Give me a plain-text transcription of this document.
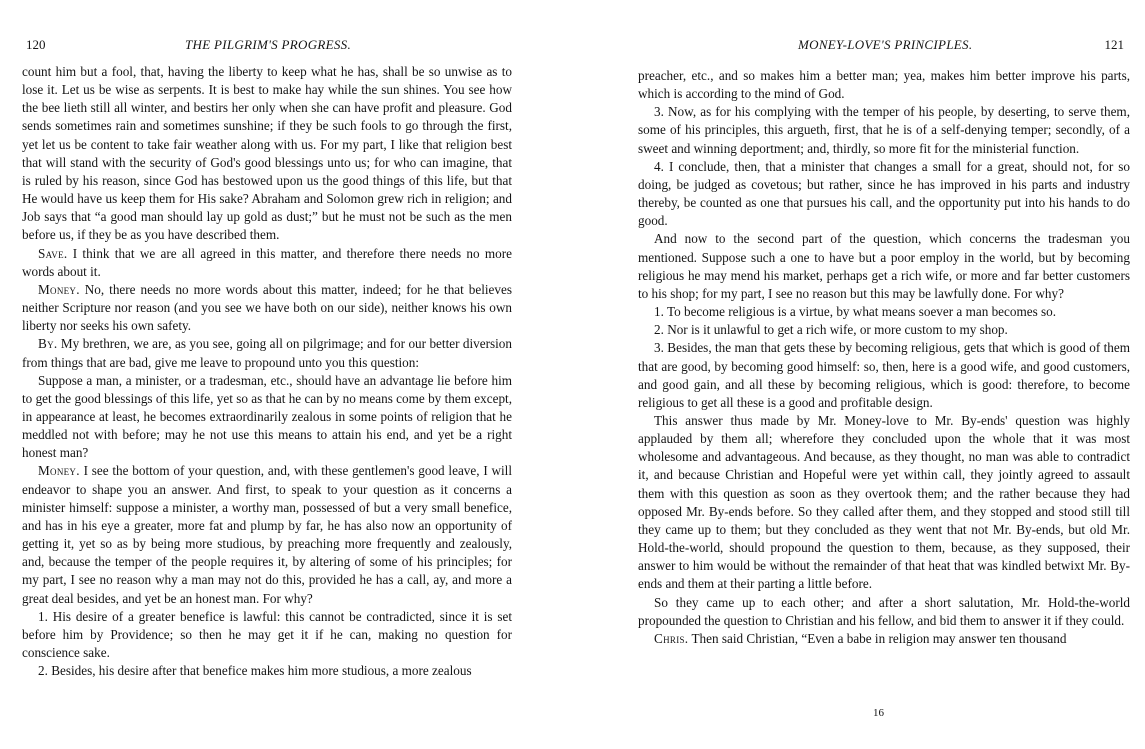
120	THE PILGRIM'S PROGRESS.

count him but a fool, that, having the liberty to keep what he has, shall be so unwise as to lose it. Let us be wise as serpents. It is best to make hay while the sun shines. You see how the bee lieth still all winter, and bestirs her only when she can have profit and pleasure. God sends sometimes rain and sometimes sunshine; if they be such fools to go through the first, yet let us be content to take fair weather along with us. For my part, I like that religion best that will stand with the security of God's good blessings unto us; for who can imagine, that is ruled by his reason, since God has bestowed upon us the good things of this life, but that He would have us keep them for His sake? Abraham and Solomon grew rich in religion; and Job says that “a good man should lay up gold as dust;” but he must not be such as the men before us, if they be as you have described them.

Save. I think that we are all agreed in this matter, and therefore there needs no more words about it.

Money. No, there needs no more words about this matter, indeed; for he that believes neither Scripture nor reason (and you see we have both on our side), neither knows his own liberty nor seeks his own safety.

By. My brethren, we are, as you see, going all on pilgrimage; and for our better diversion from things that are bad, give me leave to propound unto you this question:

Suppose a man, a minister, or a tradesman, etc., should have an advantage lie before him to get the good blessings of this life, yet so as that he can by no means come by them except, in appearance at least, he becomes extraordinarily zealous in some points of religion that he meddled not with before; may he not use this means to attain his end, and yet be a right honest man?

Money. I see the bottom of your question, and, with these gentlemen's good leave, I will endeavor to shape you an answer. And first, to speak to your question as it concerns a minister himself: suppose a minister, a worthy man, possessed of but a very small benefice, and has in his eye a greater, more fat and plump by far, he has also now an opportunity of getting it, yet so as by being more studious, by preaching more frequently and zealously, and, because the temper of the people requires it, by altering of some of his principles; for my part, I see no reason why a man may not do this, provided he has a call, ay, and more a great deal besides, and yet be an honest man. For why?

1. His desire of a greater benefice is lawful: this cannot be contradicted, since it is set before him by Providence; so then he may get it if he can, making no question for conscience sake.

2. Besides, his desire after that benefice makes him more studious, a more zealous

MONEY-LOVE'S PRINCIPLES.	121

preacher, etc., and so makes him a better man; yea, makes him better improve his parts, which is according to the mind of God.

3. Now, as for his complying with the temper of his people, by deserting, to serve them, some of his principles, this argueth, first, that he is of a self-denying temper; secondly, of a sweet and winning deportment; and, thirdly, so more fit for the ministerial function.

4. I conclude, then, that a minister that changes a small for a great, should not, for so doing, be judged as covetous; but rather, since he has improved in his parts and industry thereby, be counted as one that pursues his call, and the opportunity put into his hands to do good.

And now to the second part of the question, which concerns the tradesman you mentioned. Suppose such a one to have but a poor employ in the world, but by becoming religious he may mend his market, perhaps get a rich wife, or more and far better customers to his shop; for my part, I see no reason but this may be lawfully done. For why?

1. To become religious is a virtue, by what means soever a man becomes so.

2. Nor is it unlawful to get a rich wife, or more custom to my shop.

3. Besides, the man that gets these by becoming religious, gets that which is good of them that are good, by becoming good himself: so, then, here is a good wife, and good customers, and good gain, and all these by becoming religious, which is good: therefore, to become religious to get all these is a good and profitable design.

This answer thus made by Mr. Money-love to Mr. By-ends' question was highly applauded by them all; wherefore they concluded upon the whole that it was most wholesome and advantageous. And because, as they thought, no man was able to contradict it, and because Christian and Hopeful were yet within call, they jointly agreed to assault them with this question as soon as they overtook them; and the rather because they had opposed Mr. By-ends before. So they called after them, and they stopped and stood still till they came up to them; but they concluded as they went that not Mr. By-ends, but old Mr. Hold-the-world, should propound the question to them, because, as they supposed, their answer to him would be without the remainder of that heat that was kindled betwixt Mr. By-ends and them at their parting a little before.

So they came up to each other; and after a short salutation, Mr. Hold-the-world propounded the question to Christian and his fellow, and bid them to answer it if they could.

Chris. Then said Christian, “Even a babe in religion may answer ten thousand

16
